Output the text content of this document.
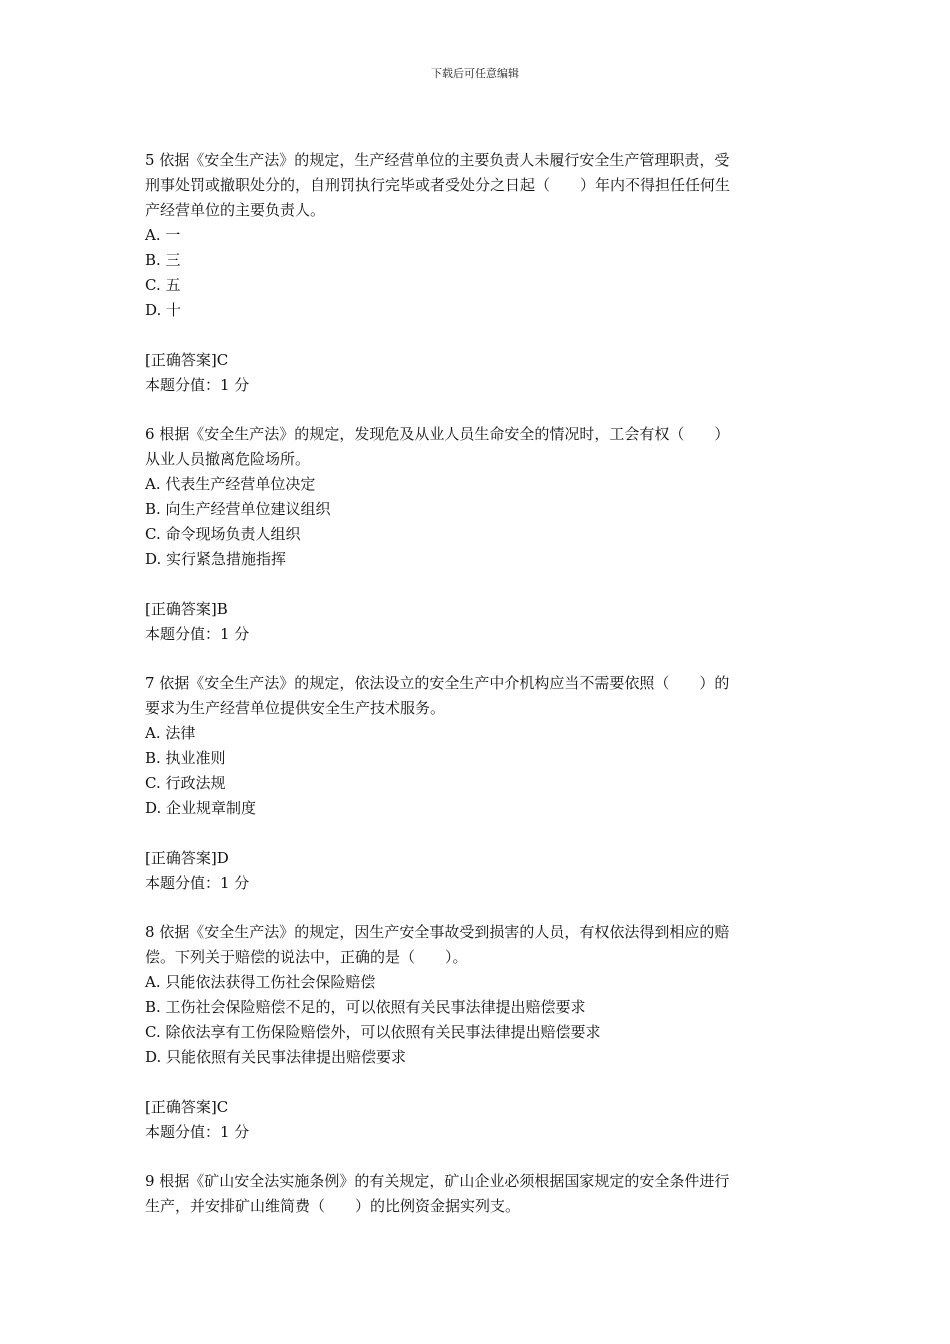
下载后可任意编辑
5 依据《安全生产法》的规定，生产经营单位的主要负责人未履行安全生产管理职责，受
刑事处罚或撤职处分的，自刑罚执行完毕或者受处分之日起（　　）年内不得担任任何生
产经营单位的主要负责人。
A. 一
B. 三
C. 五
D. 十
[正确答案]C
本题分值：1 分
6 根据《安全生产法》的规定，发现危及从业人员生命安全的情况时，工会有权（　　）
从业人员撤离危险场所。
A. 代表生产经营单位决定
B. 向生产经营单位建议组织
C. 命令现场负责人组织
D. 实行紧急措施指挥
[正确答案]B
本题分值：1 分
7 依据《安全生产法》的规定，依法设立的安全生产中介机构应当不需要依照（　　）的
要求为生产经营单位提供安全生产技术服务。
A. 法律
B. 执业准则
C. 行政法规
D. 企业规章制度
[正确答案]D
本题分值：1 分
8 依据《安全生产法》的规定，因生产安全事故受到损害的人员，有权依法得到相应的赔
偿。下列关于赔偿的说法中，正确的是（　　）。
A. 只能依法获得工伤社会保险赔偿
B. 工伤社会保险赔偿不足的，可以依照有关民事法律提出赔偿要求
C. 除依法享有工伤保险赔偿外，可以依照有关民事法律提出赔偿要求
D. 只能依照有关民事法律提出赔偿要求
[正确答案]C
本题分值：1 分
9 根据《矿山安全法实施条例》的有关规定，矿山企业必须根据国家规定的安全条件进行
生产，并安排矿山维简费（　　）的比例资金据实列支。
